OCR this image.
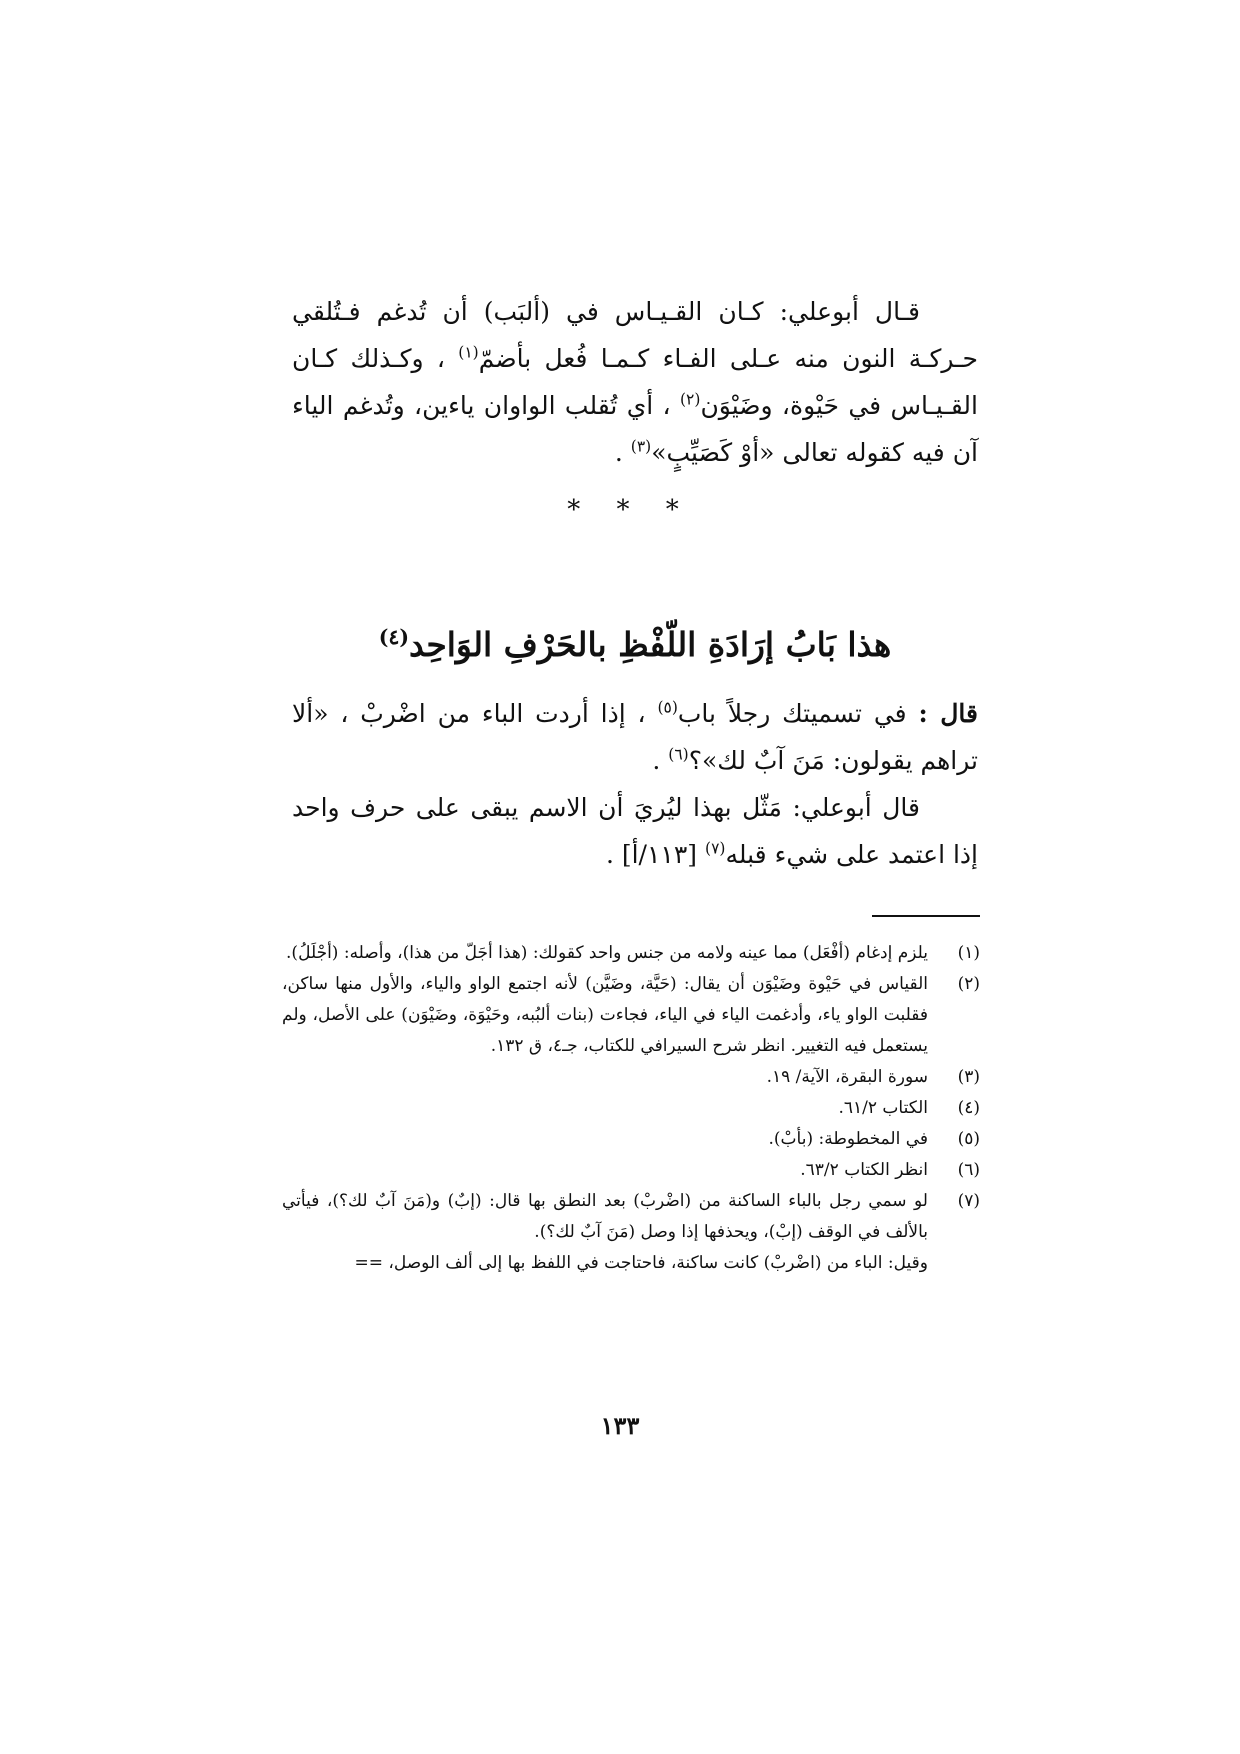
قـال أبوعلي: كـان القـيـاس في (ألبَب) أن تُدغم فـتُلقي حـركـة النون منه عـلى الفـاء كـمـا فُعل بأضمّ$^{(١)}$ ، وكـذلك كـان القـيـاس في حَيْوة، وضَيْوَن$^{(٢)}$ ، أي تُقلب الواوان ياءين، وتُدغم الياء آن فيه كقوله تعالى «أوْ كَصَيِّبٍ»$^{(٣)}$ .

* * *
هذا بَابُ إرَادَةِ اللّفْظِ بالحَرْفِ الوَاحِد$^{(٤)}$

قال : في تسميتك رجلاً باب$^{(٥)}$ ، إذا أردت الباء من اضْربْ ، «ألا تراهم يقولون: مَنَ آبٌ لك»؟$^{(٦)}$ .

قال أبوعلي: مَثّل بهذا ليُريَ أن الاسم يبقى على حرف واحد إذا اعتمد على شيء قبله$^{(٧)}$ [١١٣/أ] .

(١)
يلزم إدغام (أفْعَل) مما عينه ولامه من جنس واحد كقولك: (هذا أجَلّ من هذا)، وأصله: (أجْلَلُ).
(٢)
القياس في حَيْوة وضَيْوَن أن يقال: (حَيَّة، وضَيَّن) لأنه اجتمع الواو والياء، والأول منها ساكن، فقلبت الواو ياء، وأدغمت الياء في الياء، فجاءت (بنات ألبُبه، وحَيْوَة، وضَيْوَن) على الأصل، ولم يستعمل فيه التغيير. انظر شرح السيرافي للكتاب، جـ٤، ق ١٣٢.
(٣)
سورة البقرة، الآية/ ١٩.
(٤)
الكتاب ٦١/٢.
(٥)
في المخطوطة: (بأبْ).
(٦)
انظر الكتاب ٦٣/٢.
(٧)
لو سمي رجل بالباء الساكنة من (اضْربْ) بعد النطق بها قال: (إبٌ) و(مَنَ آبٌ لك؟)، فيأتي بالألف في الوقف (إبْ)، ويحذفها إذا وصل (مَنَ آبٌ لك؟).
وقيل: الباء من (اضْربْ) كانت ساكنة، فاحتاجت في اللفظ بها إلى ألف الوصل، ==
١٣٣
